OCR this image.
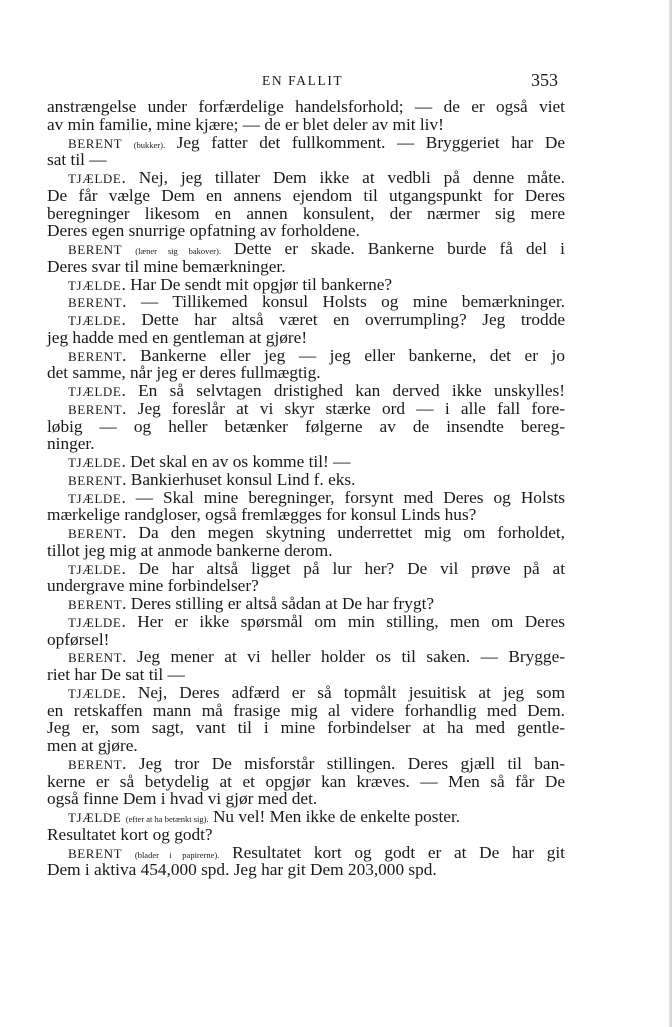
EN FALLIT	353
anstrængelse under forfærdelige handelsforhold; — de er også viet
av min familie, mine kjære; — de er blet deler av mit liv!
BERENT (bukker). Jeg fatter det fullkomment. — Bryggeriet har De
sat til —
TJÆLDE. Nej, jeg tillater Dem ikke at vedbli på denne måte.
De får vælge Dem en annens ejendom til utgangspunkt for Deres
beregninger likesom en annen konsulent, der nærmer sig mere
Deres egen snurrige opfatning av forholdene.
BERENT (læner sig bakover). Dette er skade. Bankerne burde få del i
Deres svar til mine bemærkninger.
TJÆLDE. Har De sendt mit opgjør til bankerne?
BERENT. — Tillikemed konsul Holsts og mine bemærkninger.
TJÆLDE. Dette har altså været en overrumpling? Jeg trodde
jeg hadde med en gentleman at gjøre!
BERENT. Bankerne eller jeg — jeg eller bankerne, det er jo
det samme, når jeg er deres fullmægtig.
TJÆLDE. En så selvtagen dristighed kan derved ikke unskylles!
BERENT. Jeg foreslår at vi skyr stærke ord — i alle fall fore-
løbig — og heller betænker følgerne av de insendte bereg-
ninger.
TJÆLDE. Det skal en av os komme til! —
BERENT. Bankierhuset konsul Lind f. eks.
TJÆLDE. — Skal mine beregninger, forsynt med Deres og Holsts
mærkelige randgloser, også fremlægges for konsul Linds hus?
BERENT. Da den megen skytning underrettet mig om forholdet,
tillot jeg mig at anmode bankerne derom.
TJÆLDE. De har altså ligget på lur her? De vil prøve på at
undergrave mine forbindelser?
BERENT. Deres stilling er altså sådan at De har frygt?
TJÆLDE. Her er ikke spørsmål om min stilling, men om Deres
opførsel!
BERENT. Jeg mener at vi heller holder os til saken. — Brygge-
riet har De sat til —
TJÆLDE. Nej, Deres adfærd er så topmålt jesuitisk at jeg som
en retskaffen mann må frasige mig al videre forhandlig med Dem.
Jeg er, som sagt, vant til i mine forbindelser at ha med gentle-
men at gjøre.
BERENT. Jeg tror De misforstår stillingen. Deres gjæll til ban-
kerne er så betydelig at et opgjør kan kræves. — Men så får De
også finne Dem i hvad vi gjør med det.
TJÆLDE (efter at ha betænkt sig). Nu vel! Men ikke de enkelte poster.
Resultatet kort og godt?
BERENT (blader i papirerne). Resultatet kort og godt er at De har git
Dem i aktiva 454,000 spd. Jeg har git Dem 203,000 spd.
